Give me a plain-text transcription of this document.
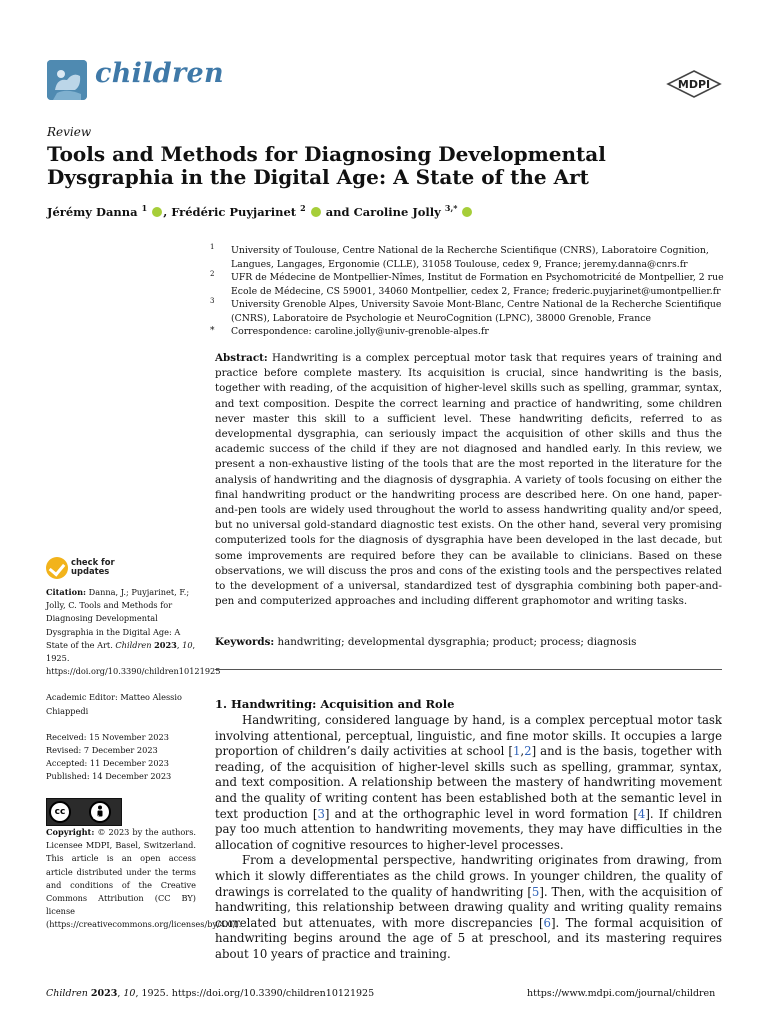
children	MDPI
Review
Tools and Methods for Diagnosing Developmental Dysgraphia in the Digital Age: A State of the Art
Jérémy Danna $^1$ , Frédéric Puyjarinet $^2$  and Caroline Jolly $^{3,*}$
1 University of Toulouse, Centre National de la Recherche Scientifique (CNRS), Laboratoire Cognition, Langues, Langages, Ergonomie (CLLE), 31058 Toulouse, cedex 9, France; jeremy.danna@cnrs.fr
2 UFR de Médecine de Montpellier-Nîmes, Institut de Formation en Psychomotricité de Montpellier, 2 rue Ecole de Médecine, CS 59001, 34060 Montpellier, cedex 2, France; frederic.puyjarinet@umontpellier.fr
3 University Grenoble Alpes, University Savoie Mont-Blanc, Centre National de la Recherche Scientifique (CNRS), Laboratoire de Psychologie et NeuroCognition (LPNC), 38000 Grenoble, France
* Correspondence: caroline.jolly@univ-grenoble-alpes.fr
Abstract: Handwriting is a complex perceptual motor task that requires years of training and practice before complete mastery. Its acquisition is crucial, since handwriting is the basis, together with reading, of the acquisition of higher-level skills such as spelling, grammar, syntax, and text composition. Despite the correct learning and practice of handwriting, some children never master this skill to a sufficient level. These handwriting deficits, referred to as developmental dysgraphia, can seriously impact the acquisition of other skills and thus the academic success of the child if they are not diagnosed and handled early. In this review, we present a non-exhaustive listing of the tools that are the most reported in the literature for the analysis of handwriting and the diagnosis of dysgraphia. A variety of tools focusing on either the final handwriting product or the handwriting process are described here. On one hand, paper-and-pen tools are widely used throughout the world to assess handwriting quality and/or speed, but no universal gold-standard diagnostic test exists. On the other hand, several very promising computerized tools for the diagnosis of dysgraphia have been developed in the last decade, but some improvements are required before they can be available to clinicians. Based on these observations, we will discuss the pros and cons of the existing tools and the perspectives related to the development of a universal, standardized test of dysgraphia combining both paper-and-pen and computerized approaches and including different graphomotor and writing tasks.
Keywords: handwriting; developmental dysgraphia; product; process; diagnosis
check for
updates
Citation: Danna, J.; Puyjarinet, F.; Jolly, C. Tools and Methods for Diagnosing Developmental Dysgraphia in the Digital Age: A State of the Art. Children 2023, 10, 1925. https://doi.org/10.3390/children10121925
Academic Editor: Matteo Alessio Chiappedi
Received: 15 November 2023
Revised: 7 December 2023
Accepted: 11 December 2023
Published: 14 December 2023
cc
BY
Copyright: © 2023 by the authors. Licensee MDPI, Basel, Switzerland. This article is an open access article distributed under the terms and conditions of the Creative Commons Attribution (CC BY) license (https://creativecommons.org/licenses/by/4.0/).
1. Handwriting: Acquisition and Role

Handwriting, considered language by hand, is a complex perceptual motor task involving attentional, perceptual, linguistic, and fine motor skills. It occupies a large proportion of children’s daily activities at school [1,2] and is the basis, together with reading, of the acquisition of higher-level skills such as spelling, grammar, syntax, and text composition. A relationship between the mastery of handwriting movement and the quality of writing content has been established both at the semantic level in text production [3] and at the orthographic level in word formation [4]. If children pay too much attention to handwriting movements, they may have difficulties in the allocation of cognitive resources to higher-level processes.

From a developmental perspective, handwriting originates from drawing, from which it slowly differentiates as the child grows. In younger children, the quality of drawings is correlated to the quality of handwriting [5]. Then, with the acquisition of handwriting, this relationship between drawing quality and writing quality remains correlated but attenuates, with more discrepancies [6]. The formal acquisition of handwriting begins around the age of 5 at preschool, and its mastering requires about 10 years of practice and training.

Children 2023, 10, 1925. https://doi.org/10.3390/children10121925	https://www.mdpi.com/journal/children
